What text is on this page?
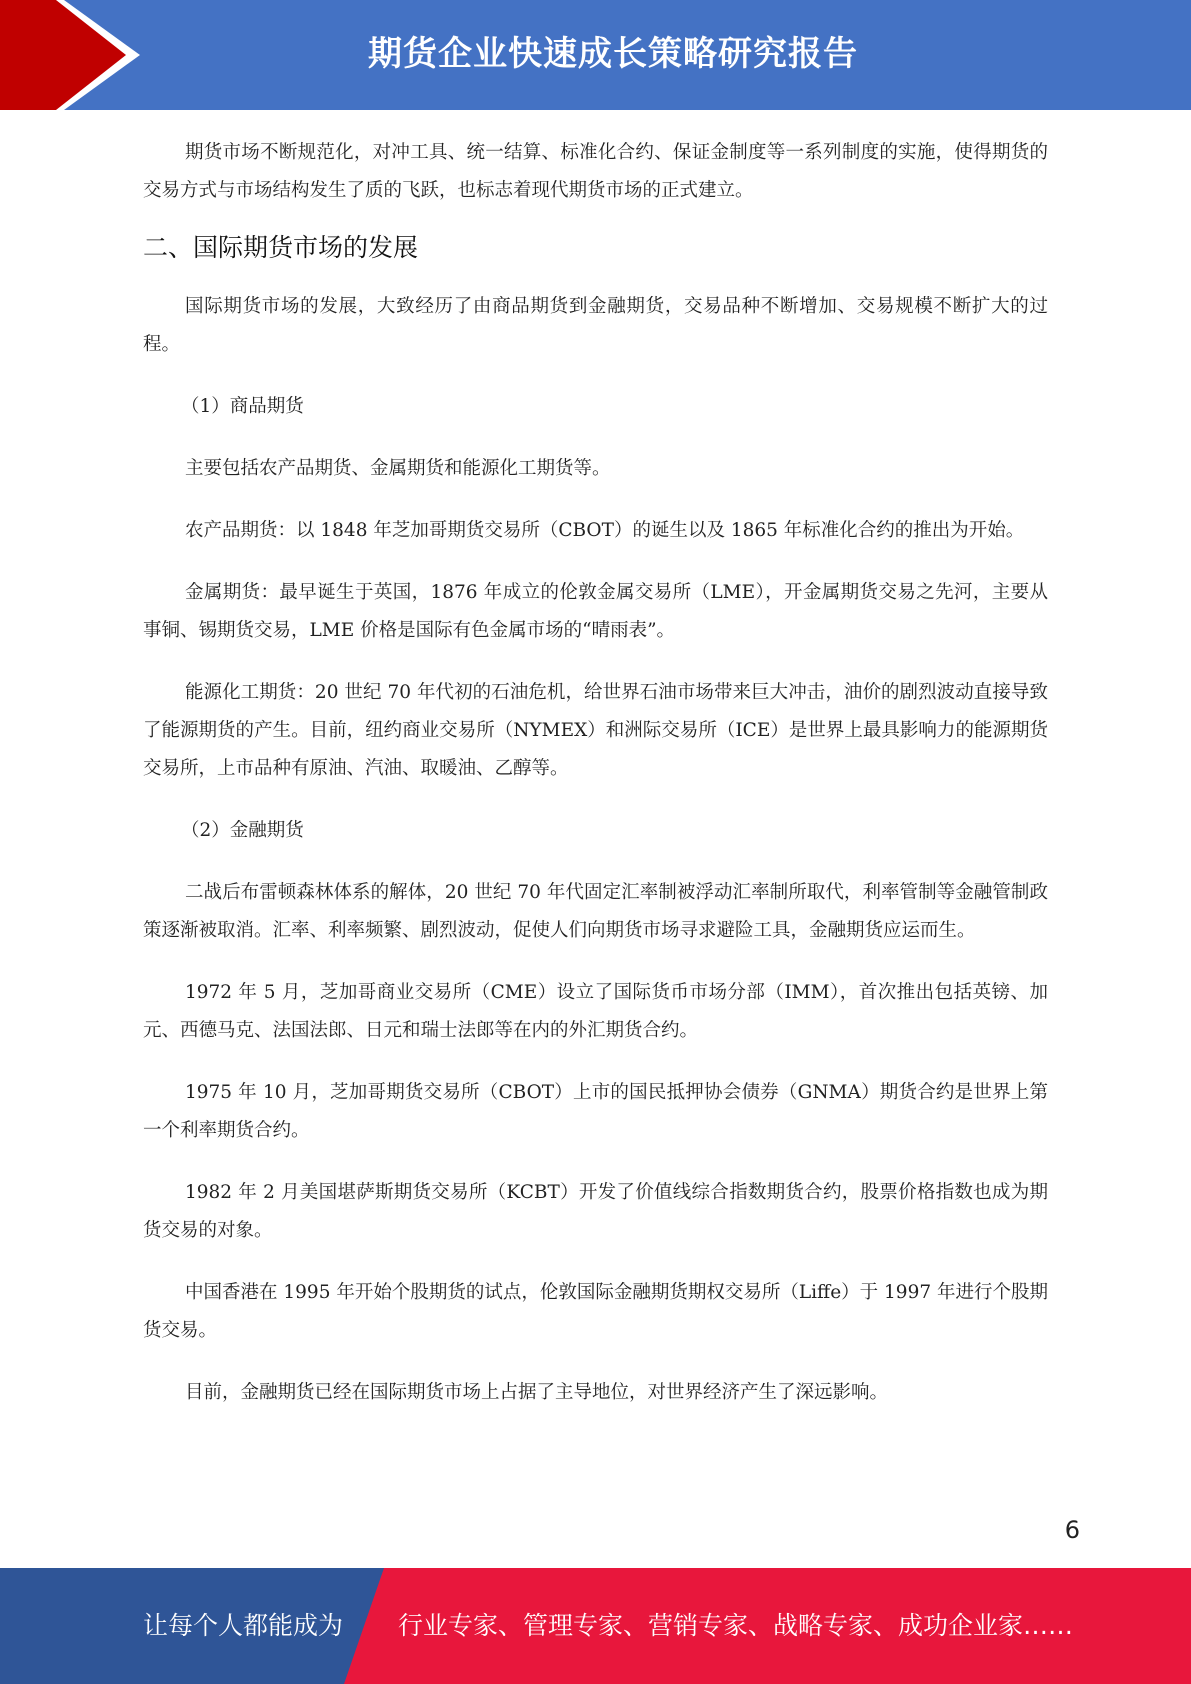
期货企业快速成长策略研究报告

期货市场不断规范化，对冲工具、统一结算、标准化合约、保证金制度等一系列制度的实施，使得期货的交易方式与市场结构发生了质的飞跃，也标志着现代期货市场的正式建立。

二、国际期货市场的发展

国际期货市场的发展，大致经历了由商品期货到金融期货，交易品种不断增加、交易规模不断扩大的过程。

（1）商品期货

主要包括农产品期货、金属期货和能源化工期货等。

农产品期货：以 1848 年芝加哥期货交易所（CBOT）的诞生以及 1865 年标准化合约的推出为开始。

金属期货：最早诞生于英国，1876 年成立的伦敦金属交易所（LME），开金属期货交易之先河，主要从事铜、锡期货交易，LME 价格是国际有色金属市场的“晴雨表”。

能源化工期货：20 世纪 70 年代初的石油危机，给世界石油市场带来巨大冲击，油价的剧烈波动直接导致了能源期货的产生。目前，纽约商业交易所（NYMEX）和洲际交易所（ICE）是世界上最具影响力的能源期货交易所，上市品种有原油、汽油、取暖油、乙醇等。

（2）金融期货

二战后布雷顿森林体系的解体，20 世纪 70 年代固定汇率制被浮动汇率制所取代，利率管制等金融管制政策逐渐被取消。汇率、利率频繁、剧烈波动，促使人们向期货市场寻求避险工具，金融期货应运而生。

1972 年 5 月，芝加哥商业交易所（CME）设立了国际货币市场分部（IMM），首次推出包括英镑、加元、西德马克、法国法郎、日元和瑞士法郎等在内的外汇期货合约。

1975 年 10 月，芝加哥期货交易所（CBOT）上市的国民抵押协会债券（GNMA）期货合约是世界上第一个利率期货合约。

1982 年 2 月美国堪萨斯期货交易所（KCBT）开发了价值线综合指数期货合约，股票价格指数也成为期货交易的对象。

中国香港在 1995 年开始个股期货的试点，伦敦国际金融期货期权交易所（Liffe）于 1997 年进行个股期货交易。

目前，金融期货已经在国际期货市场上占据了主导地位，对世界经济产生了深远影响。

6
让每个人都能成为 行业专家、管理专家、营销专家、战略专家、成功企业家……
